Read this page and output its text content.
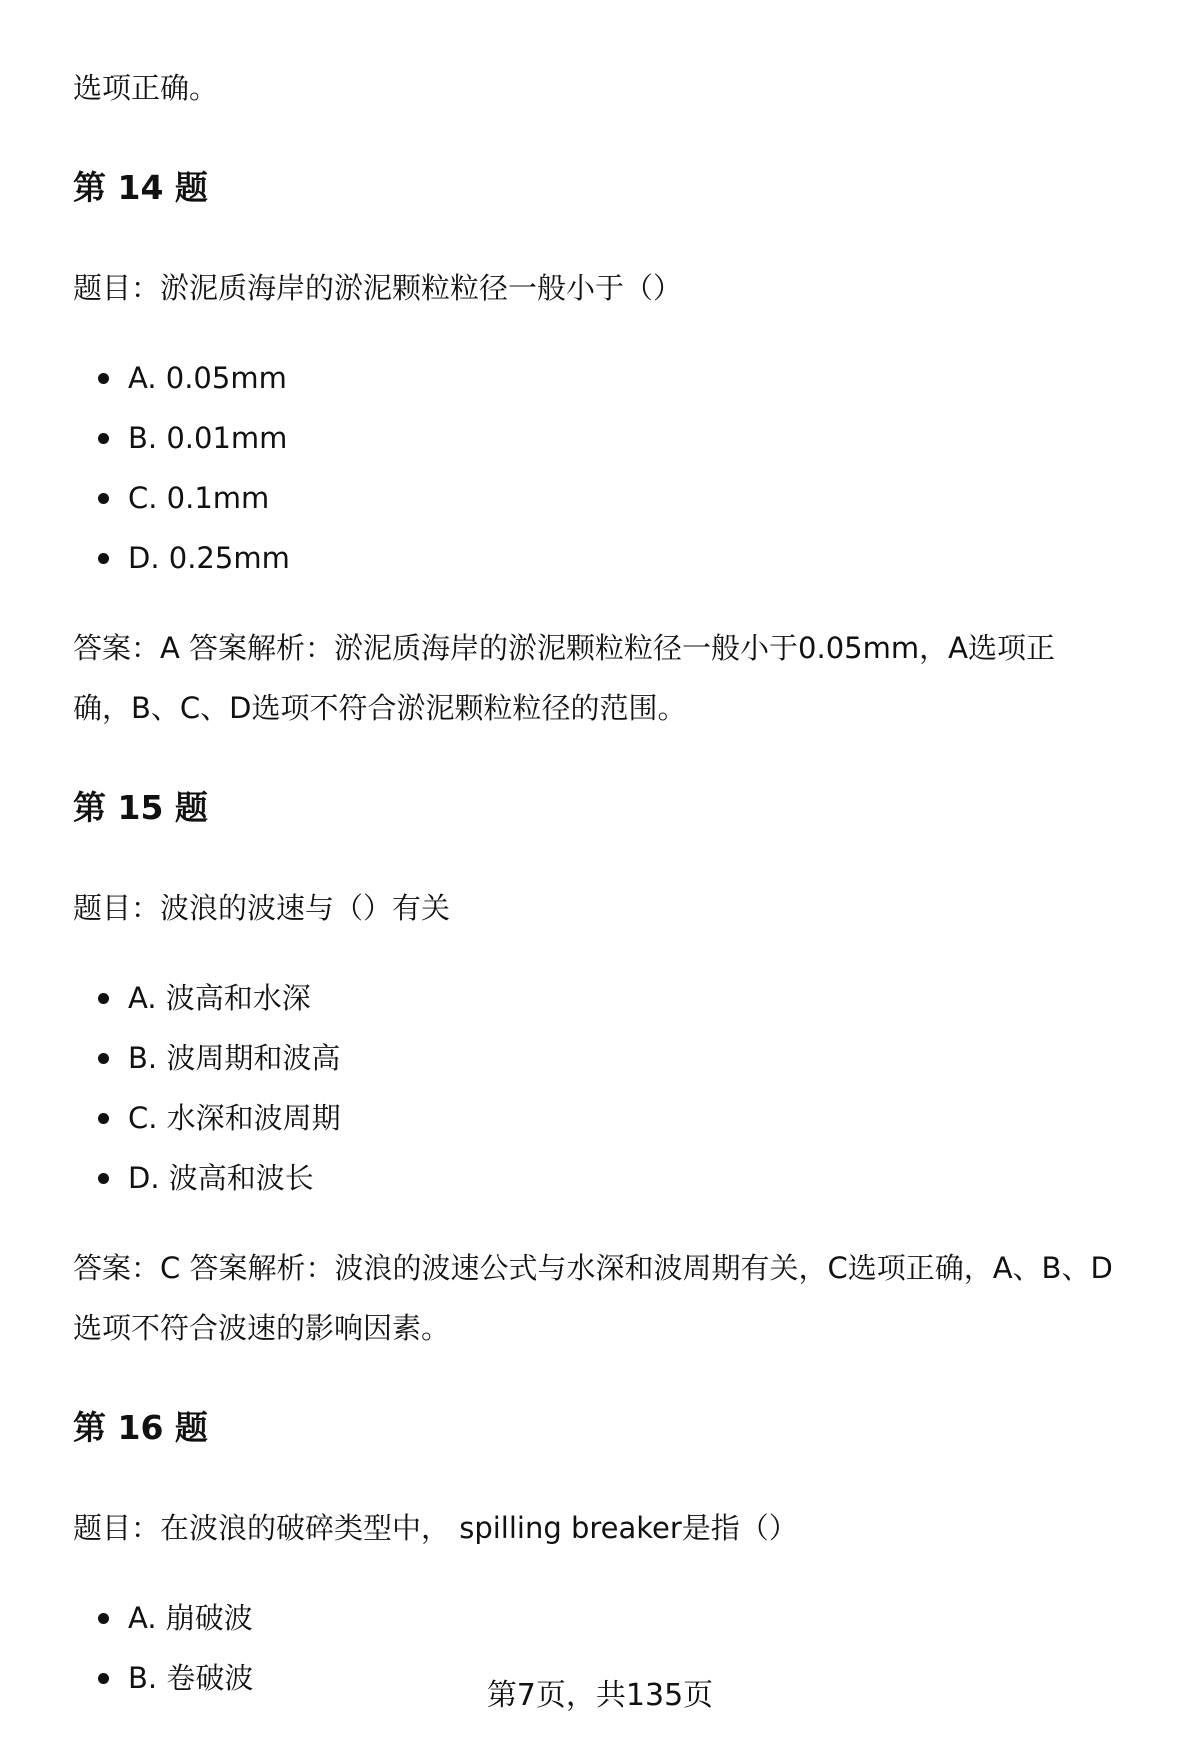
选项正确。

第 14 题

题目：淤泥质海岸的淤泥颗粒粒径一般小于（）

A. 0.05mm
B. 0.01mm
C. 0.1mm
D. 0.25mm

答案：A 答案解析：淤泥质海岸的淤泥颗粒粒径一般小于0.05mm，A选项正

确，B、C、D选项不符合淤泥颗粒粒径的范围。

第 15 题

题目：波浪的波速与（）有关

A. 波高和水深
B. 波周期和波高
C. 水深和波周期
D. 波高和波长

答案：C 答案解析：波浪的波速公式与水深和波周期有关，C选项正确，A、B、D

选项不符合波速的影响因素。

第 16 题

题目：在波浪的破碎类型中， spilling breaker是指（）

A. 崩破波
B. 卷破波	第7页，共135页
